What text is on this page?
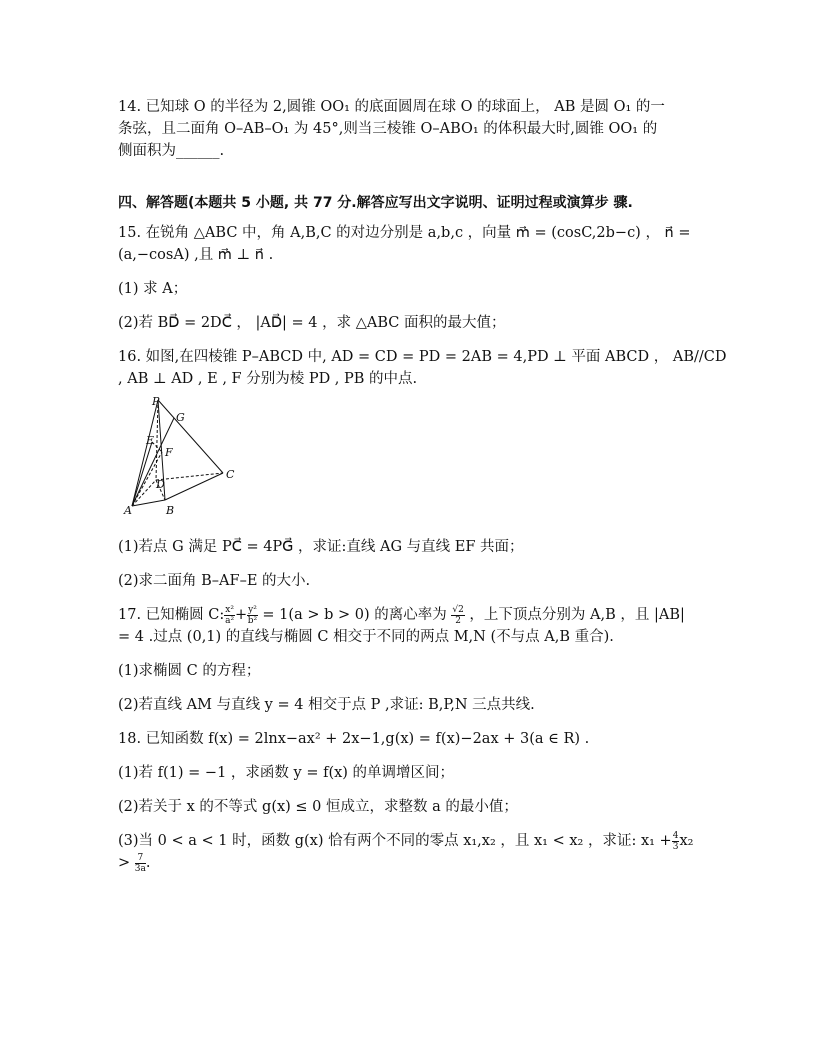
14. 已知球 O 的半径为 2,圆锥 OO₁ 的底面圆周在球 O 的球面上， AB 是圆 O₁ 的一

条弦，且二面角 O–AB–O₁ 为 45°,则当三棱锥 O–ABO₁ 的体积最大时,圆锥 OO₁ 的

侧面积为______.

四、解答题(本题共 5 小题, 共 77 分.解答应写出文字说明、证明过程或演算步 骤.

15. 在锐角 △ABC 中，角 A,B,C 的对边分别是 a,b,c ，向量 m⃗ = (cosC,2b−c) ， n⃗ =

(a,−cosA) ,且 m⃗ ⊥ n⃗ .

(1) 求 A；

(2)若 BD⃗ = 2DC⃗ ， |AD⃗| = 4 ，求 △ABC 面积的最大值；

16. 如图,在四棱锥 P–ABCD 中, AD = CD = PD = 2AB = 4,PD ⊥ 平面 ABCD ， AB//CD

, AB ⊥ AD , E , F 分别为棱 PD , PB 的中点.

P
G
E
F
D
C
A	B

(1)若点 G 满足 PC⃗ = 4PG⃗ ，求证:直线 AG 与直线 EF 共面；

(2)求二面角 B–AF–E 的大小.

17. 已知椭圆 C: $\frac{\text{x²}}{\text{a²}} + \frac{\text{y²}}{\text{b²}} = 1(a > b > 0)$ 的离心率为 $\frac{√2}{2}$ ，上下顶点分别为 A,B ，且 |AB|

= 4 .过点 (0,1) 的直线与椭圆 C 相交于不同的两点 M,N (不与点 A,B 重合).

(1)求椭圆 C 的方程；

(2)若直线 AM 与直线 y = 4 相交于点 P ,求证: B,P,N 三点共线.

18. 已知函数 f(x) = 2lnx−ax² + 2x−1,g(x) = f(x)−2ax + 3(a ∈ R) .

(1)若 f(1) = −1 ，求函数 y = f(x) 的单调增区间；

(2)若关于 x 的不等式 g(x) ≤ 0 恒成立，求整数 a 的最小值；

(3)当 0 < a < 1 时，函数 g(x) 恰有两个不同的零点 x₁,x₂ ，且 x₁ < x₂ ，求证: $x_1 + \frac{4}{3} x_2$

> $\frac{7}{3a}$ .
